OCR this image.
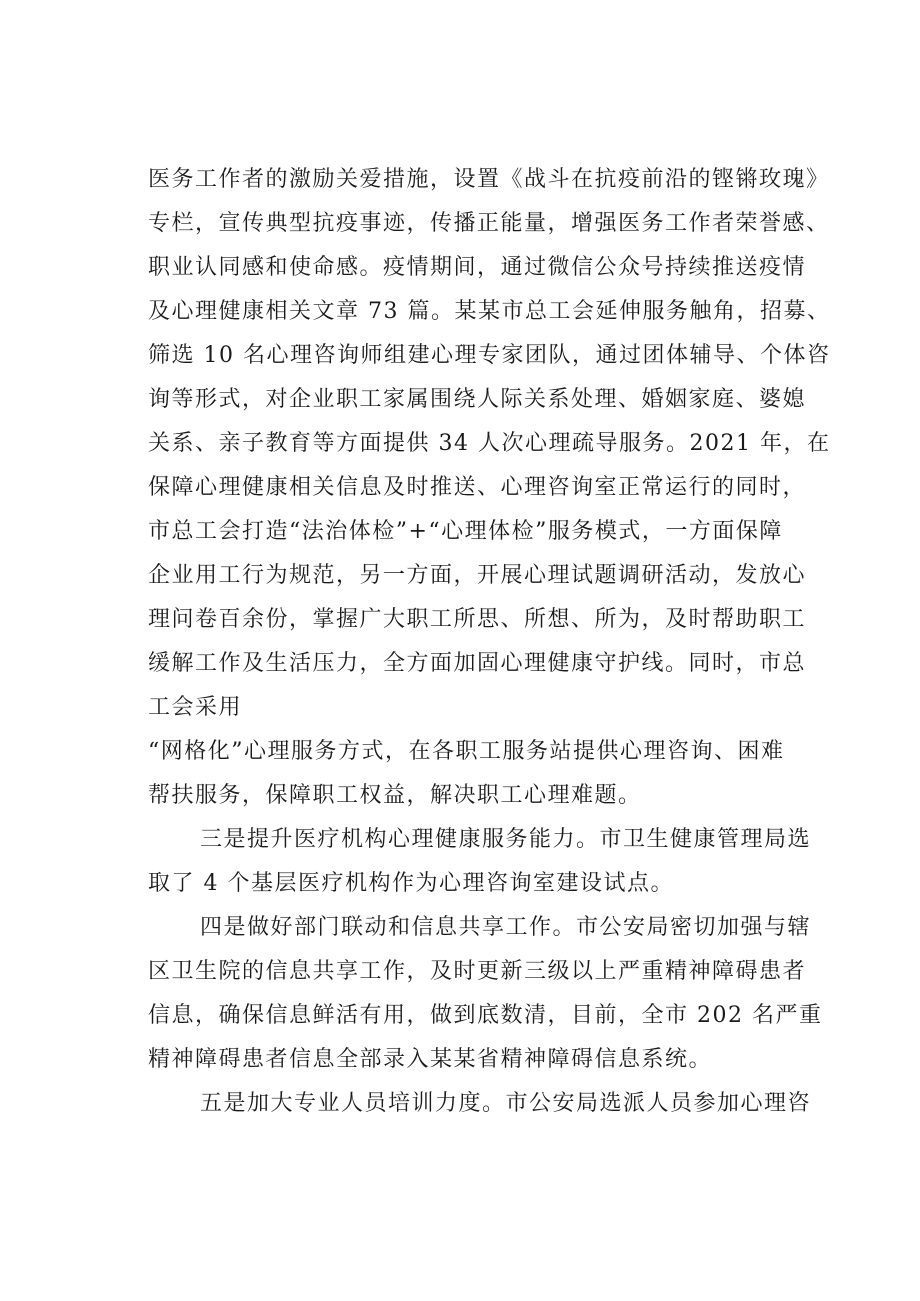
医务工作者的激励关爱措施，设置《战斗在抗疫前沿的铿锵玫瑰》
专栏，宣传典型抗疫事迹，传播正能量，增强医务工作者荣誉感、
职业认同感和使命感。疫情期间，通过微信公众号持续推送疫情
及心理健康相关文章 73 篇。某某市总工会延伸服务触角，招募、
筛选 10 名心理咨询师组建心理专家团队，通过团体辅导、个体咨
询等形式，对企业职工家属围绕人际关系处理、婚姻家庭、婆媳
关系、亲子教育等方面提供 34 人次心理疏导服务。2021 年，在
保障心理健康相关信息及时推送、心理咨询室正常运行的同时，
市总工会打造“法治体检”+“心理体检”服务模式，一方面保障
企业用工行为规范，另一方面，开展心理试题调研活动，发放心
理问卷百余份，掌握广大职工所思、所想、所为，及时帮助职工
缓解工作及生活压力，全方面加固心理健康守护线。同时，市总
工会采用
“网格化”心理服务方式，在各职工服务站提供心理咨询、困难
帮扶服务，保障职工权益，解决职工心理难题。
三是提升医疗机构心理健康服务能力。市卫生健康管理局选
取了 4 个基层医疗机构作为心理咨询室建设试点。
四是做好部门联动和信息共享工作。市公安局密切加强与辖
区卫生院的信息共享工作，及时更新三级以上严重精神障碍患者
信息，确保信息鲜活有用，做到底数清，目前，全市 202 名严重
精神障碍患者信息全部录入某某省精神障碍信息系统。
五是加大专业人员培训力度。市公安局选派人员参加心理咨
